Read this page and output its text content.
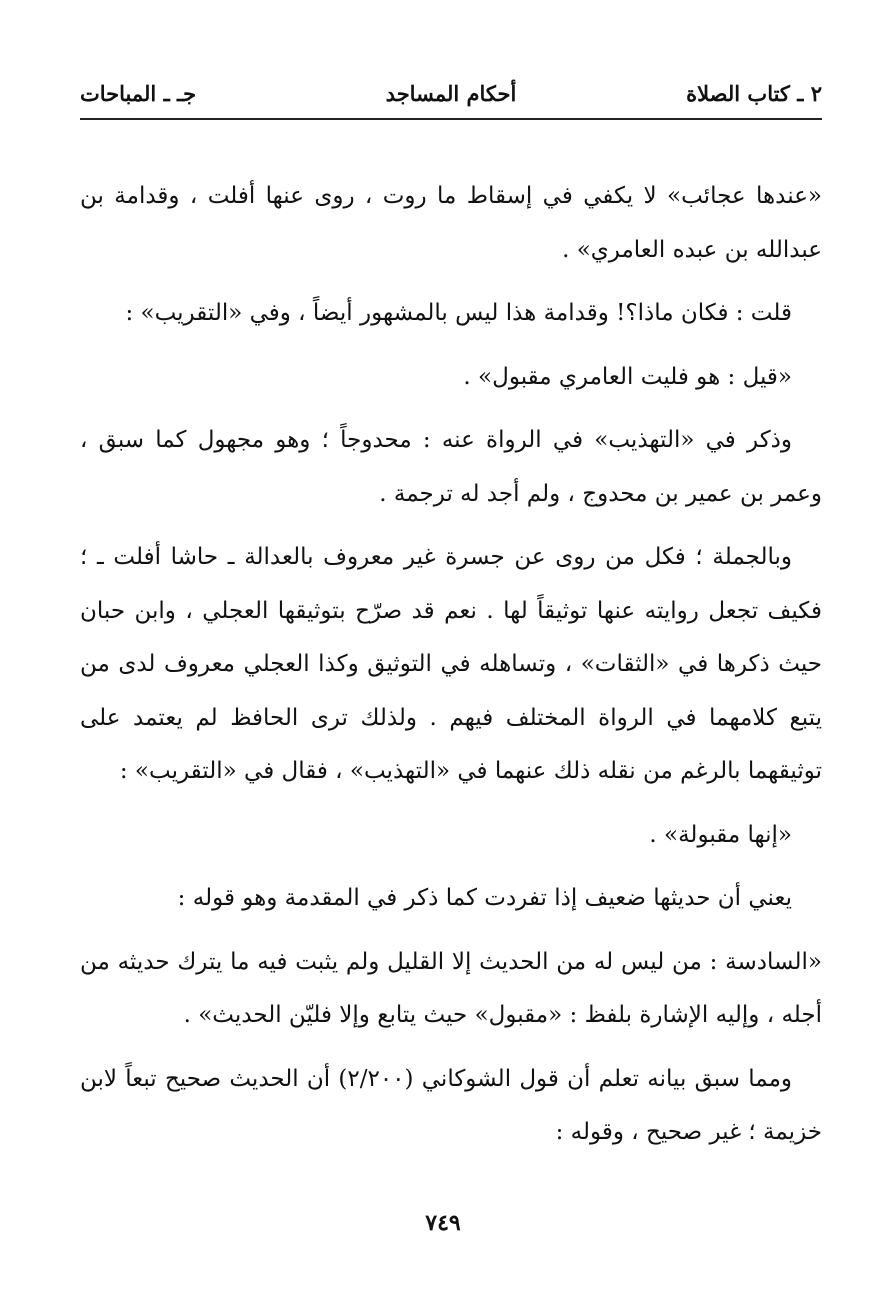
٢ ـ كتاب الصلاة
أحكام المساجد
جـ ـ المباحات

«عندها عجائب» لا يكفي في إسقاط ما روت ، روى عنها أفلت ، وقدامة بن عبدالله بن عبده العامري» .

قلت : فكان ماذا؟! وقدامة هذا ليس بالمشهور أيضاً ، وفي «التقريب» :

«قيل : هو فليت العامري مقبول» .

وذكر في «التهذيب» في الرواة عنه : محدوجاً ؛ وهو مجهول كما سبق ، وعمر بن عمير بن محدوج ، ولم أجد له ترجمة .

وبالجملة ؛ فكل من روى عن جسرة غير معروف بالعدالة ـ حاشا أفلت ـ ؛ فكيف تجعل روايته عنها توثيقاً لها . نعم قد صرّح بتوثيقها العجلي ، وابن حبان حيث ذكرها في «الثقات» ، وتساهله في التوثيق وكذا العجلي معروف لدى من يتبع كلامهما في الرواة المختلف فيهم . ولذلك ترى الحافظ لم يعتمد على توثيقهما بالرغم من نقله ذلك عنهما في «التهذيب» ، فقال في «التقريب» :

«إنها مقبولة» .

يعني أن حديثها ضعيف إذا تفردت كما ذكر في المقدمة وهو قوله :

«السادسة : من ليس له من الحديث إلا القليل ولم يثبت فيه ما يترك حديثه من أجله ، وإليه الإشارة بلفظ : «مقبول» حيث يتابع وإلا فليّن الحديث» .

ومما سبق بيانه تعلم أن قول الشوكاني (٢/٢٠٠) أن الحديث صحيح تبعاً لابن خزيمة ؛ غير صحيح ، وقوله :

٧٤٩
